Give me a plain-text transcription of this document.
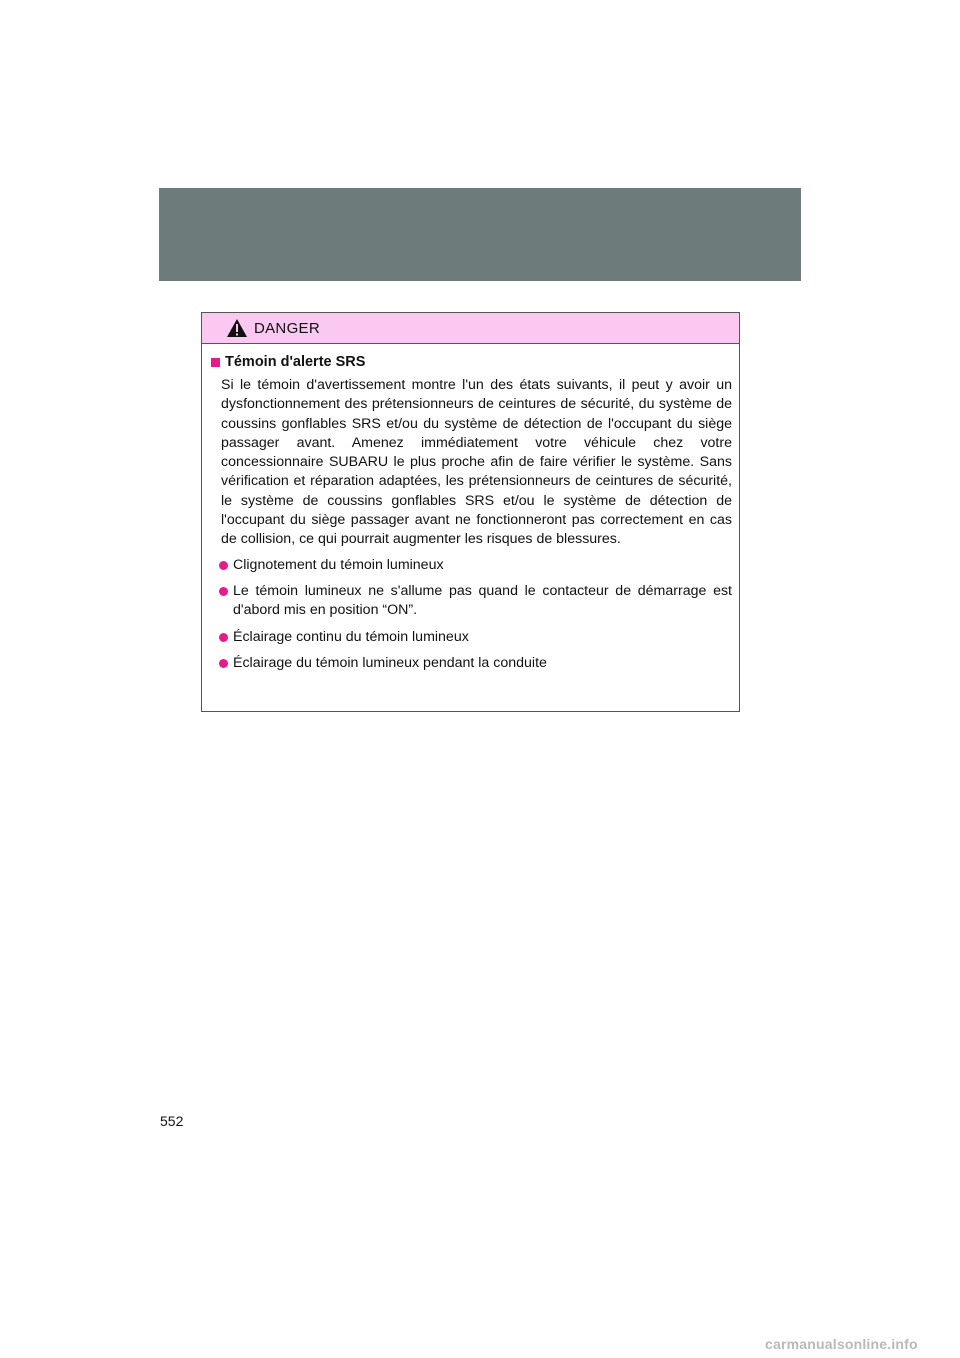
DANGER
Témoin d'alerte SRS

Si le témoin d'avertissement montre l'un des états suivants, il peut y avoir un dysfonctionnement des prétensionneurs de ceintures de sécurité, du système de coussins gonflables SRS et/ou du système de détection de l'occupant du siège passager avant. Amenez immédiatement votre véhicule chez votre concessionnaire SUBARU le plus proche afin de faire vérifier le système. Sans vérification et réparation adaptées, les prétensionneurs de ceintures de sécurité, le système de coussins gonflables SRS et/ou le système de détection de l'occupant du siège passager avant ne fonctionneront pas correctement en cas de collision, ce qui pourrait augmenter les risques de blessures.

Clignotement du témoin lumineux
Le témoin lumineux ne s'allume pas quand le contacteur de démarrage est d'abord mis en position “ON”.
Éclairage continu du témoin lumineux
Éclairage du témoin lumineux pendant la conduite
552
carmanualsonline.info
